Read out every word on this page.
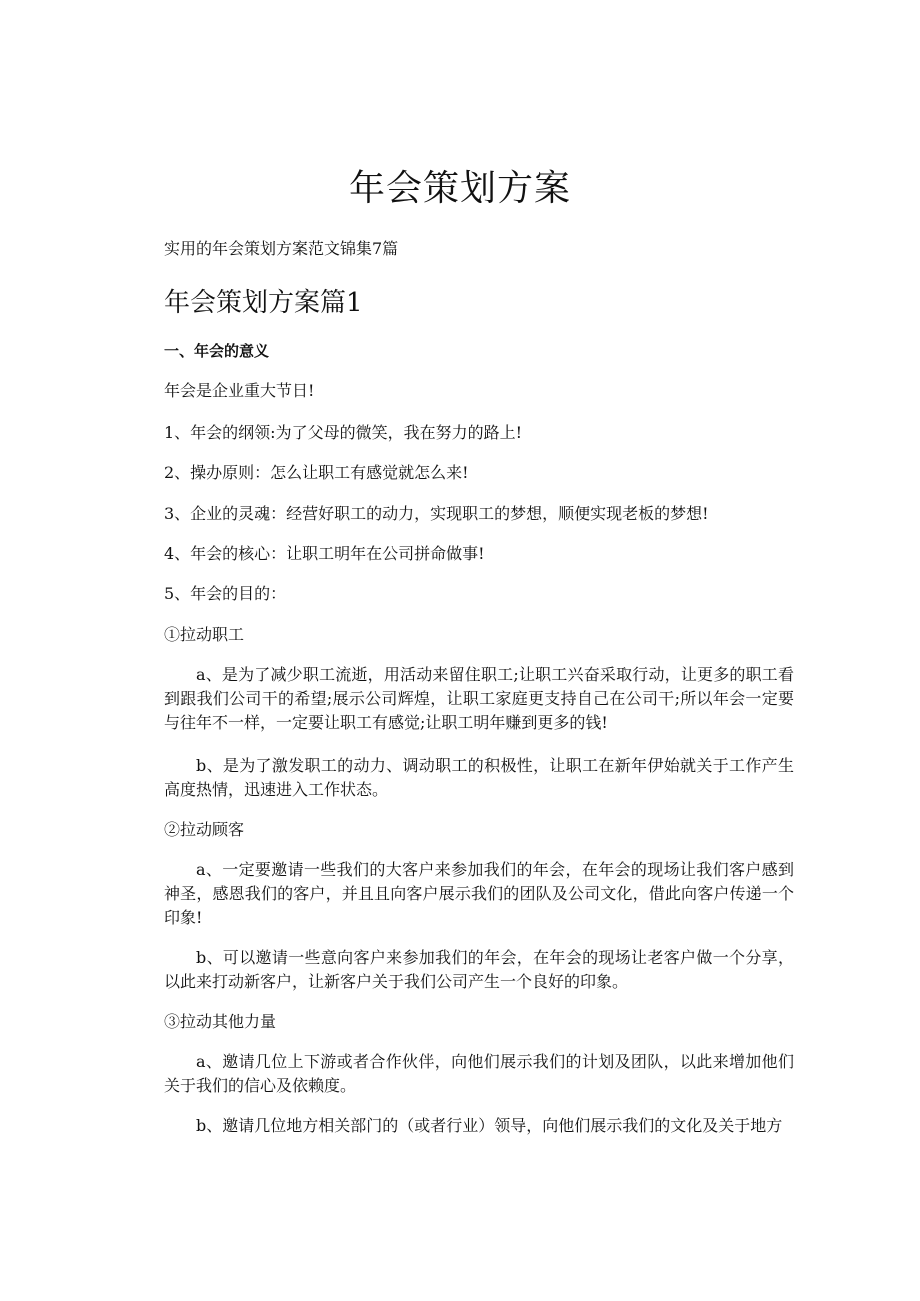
年会策划方案

实用的年会策划方案范文锦集7篇

年会策划方案篇1
一、年会的意义

年会是企业重大节日!

1、年会的纲领:为了父母的微笑，我在努力的路上!

2、操办原则：怎么让职工有感觉就怎么来!

3、企业的灵魂：经营好职工的动力，实现职工的梦想，顺便实现老板的梦想!

4、年会的核心：让职工明年在公司拼命做事!

5、年会的目的：

①拉动职工

a、是为了减少职工流逝，用活动来留住职工;让职工兴奋采取行动，让更多的职工看到跟我们公司干的希望;展示公司辉煌，让职工家庭更支持自己在公司干;所以年会一定要与往年不一样，一定要让职工有感觉;让职工明年赚到更多的钱!

b、是为了激发职工的动力、调动职工的积极性，让职工在新年伊始就关于工作产生高度热情，迅速进入工作状态。

②拉动顾客

a、一定要邀请一些我们的大客户来参加我们的年会，在年会的现场让我们客户感到神圣，感恩我们的客户，并且且向客户展示我们的团队及公司文化，借此向客户传递一个印象!

b、可以邀请一些意向客户来参加我们的年会，在年会的现场让老客户做一个分享，以此来打动新客户，让新客户关于我们公司产生一个良好的印象。

③拉动其他力量

a、邀请几位上下游或者合作伙伴，向他们展示我们的计划及团队，以此来增加他们关于我们的信心及依赖度。

b、邀请几位地方相关部门的（或者行业）领导，向他们展示我们的文化及关于地方
